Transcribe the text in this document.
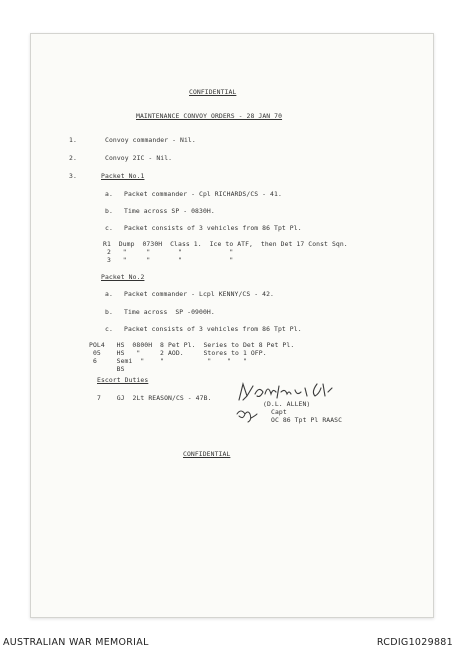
CONFIDENTIAL
MAINTENANCE CONVOY ORDERS - 28 JAN 70
1.	Convoy commander - Nil.
2.	Convoy 2IC - Nil.
3.	Packet No.1
a. Packet commander - Cpl RICHARDS/CS - 41.
b. Time across SP - 0830H.
c. Packet consists of 3 vehicles from 86 Tpt Pl.
R1  Dump  0730H  Class 1.  Ice to ATF,  then Det 17 Const Sqn.
2   "     "       "            "
3   "     "       "            "
Packet No.2
a. Packet commander - Lcpl KENNY/CS - 42.
b. Time across  SP -0900H.
c. Packet consists of 3 vehicles from 86 Tpt Pl.
POL4   HS  0800H  8 Pet Pl.  Series to Det 8 Pet Pl.
05    HS   "     2 AOD.     Stores to 1 OFP.
6     Semi  "    "           "    "   "
BS
Escort Duties
7    GJ  2Lt REASON/CS - 47B.
(D.L. ALLEN)
Capt
OC 86 Tpt Pl RAASC
CONFIDENTIAL
AUSTRALIAN WAR MEMORIAL	RCDIG1029881
